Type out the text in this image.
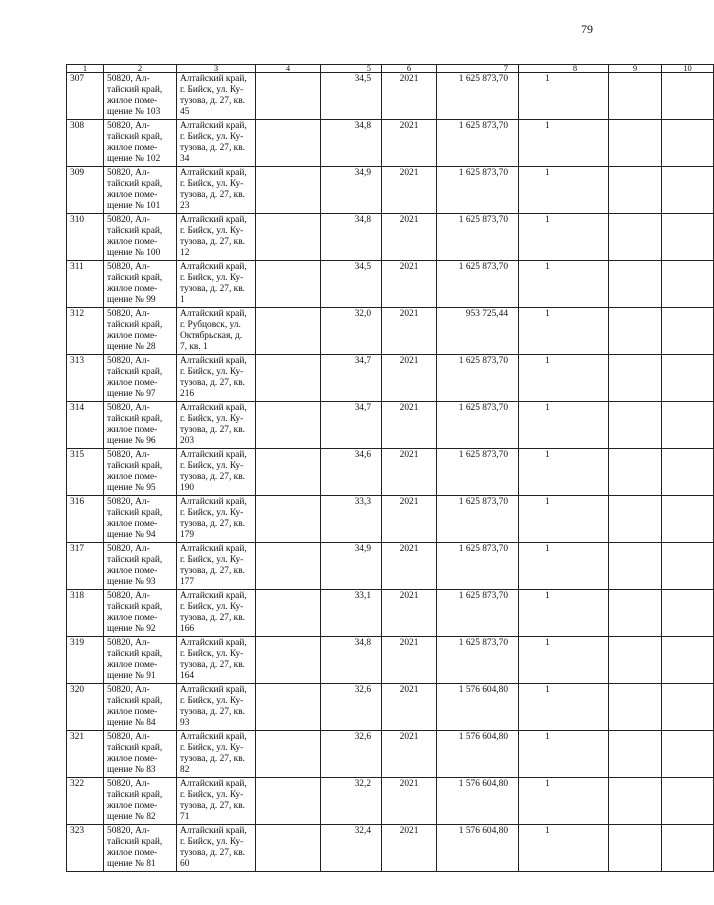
79
1	2	3	4	5	6	7	8	9	10

307	50820, Ал-
тайский край,
жилое поме-
щение № 103	Алтайский край,
г. Бийск, ул. Ку-
тузова, д. 27, кв.
45		34,5	2021	1 625 873,70	1		

308	50820, Ал-
тайский край,
жилое поме-
щение № 102	Алтайский край,
г. Бийск, ул. Ку-
тузова, д. 27, кв.
34		34,8	2021	1 625 873,70	1		

309	50820, Ал-
тайский край,
жилое поме-
щение № 101	Алтайский край,
г. Бийск, ул. Ку-
тузова, д. 27, кв.
23		34,9	2021	1 625 873,70	1		

310	50820, Ал-
тайский край,
жилое поме-
щение № 100	Алтайский край,
г. Бийск, ул. Ку-
тузова, д. 27, кв.
12		34,8	2021	1 625 873,70	1		

311	50820, Ал-
тайский край,
жилое поме-
щение № 99	Алтайский край,
г. Бийск, ул. Ку-
тузова, д. 27, кв.
1		34,5	2021	1 625 873,70	1		

312	50820, Ал-
тайский край,
жилое поме-
щение № 28	Алтайский край,
г. Рубцовск, ул.
Октябрьская, д.
7, кв. 1		32,0	2021	953 725,44	1		

313	50820, Ал-
тайский край,
жилое поме-
щение № 97	Алтайский край,
г. Бийск, ул. Ку-
тузова, д. 27, кв.
216		34,7	2021	1 625 873,70	1		

314	50820, Ал-
тайский край,
жилое поме-
щение № 96	Алтайский край,
г. Бийск, ул. Ку-
тузова, д. 27, кв.
203		34,7	2021	1 625 873,70	1		

315	50820, Ал-
тайский край,
жилое поме-
щение № 95	Алтайский край,
г. Бийск, ул. Ку-
тузова, д. 27, кв.
190		34,6	2021	1 625 873,70	1		

316	50820, Ал-
тайский край,
жилое поме-
щение № 94	Алтайский край,
г. Бийск, ул. Ку-
тузова, д. 27, кв.
179		33,3	2021	1 625 873,70	1		

317	50820, Ал-
тайский край,
жилое поме-
щение № 93	Алтайский край,
г. Бийск, ул. Ку-
тузова, д. 27, кв.
177		34,9	2021	1 625 873,70	1		

318	50820, Ал-
тайский край,
жилое поме-
щение № 92	Алтайский край,
г. Бийск, ул. Ку-
тузова, д. 27, кв.
166		33,1	2021	1 625 873,70	1		

319	50820, Ал-
тайский край,
жилое поме-
щение № 91	Алтайский край,
г. Бийск, ул. Ку-
тузова, д. 27, кв.
164		34,8	2021	1 625 873,70	1		

320	50820, Ал-
тайский край,
жилое поме-
щение № 84	Алтайский край,
г. Бийск, ул. Ку-
тузова, д. 27, кв.
93		32,6	2021	1 576 604,80	1		

321	50820, Ал-
тайский край,
жилое поме-
щение № 83	Алтайский край,
г. Бийск, ул. Ку-
тузова, д. 27, кв.
82		32,6	2021	1 576 604,80	1		

322	50820, Ал-
тайский край,
жилое поме-
щение № 82	Алтайский край,
г. Бийск, ул. Ку-
тузова, д. 27, кв.
71		32,2	2021	1 576 604,80	1		

323	50820, Ал-
тайский край,
жилое поме-
щение № 81	Алтайский край,
г. Бийск, ул. Ку-
тузова, д. 27, кв.
60		32,4	2021	1 576 604,80	1		
